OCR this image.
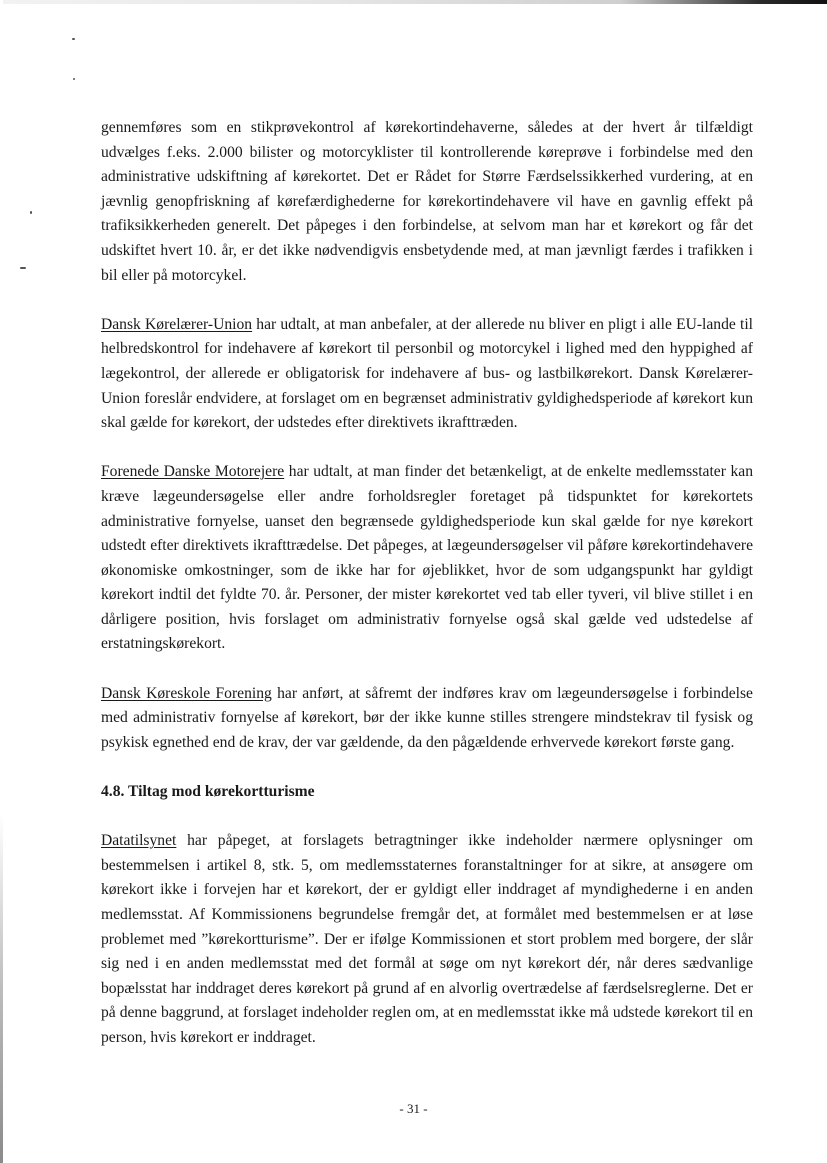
gennemføres som en stikprøvekontrol af kørekortindehaverne, således at der hvert år tilfældigt udvælges f.eks. 2.000 bilister og motorcyklister til kontrollerende køreprøve i forbindelse med den administrative udskiftning af kørekortet. Det er Rådet for Større Færdselssikkerhed vurdering, at en jævnlig genopfriskning af kørefærdighederne for kørekortindehavere vil have en gavnlig effekt på trafiksikkerheden generelt. Det påpeges i den forbindelse, at selvom man har et kørekort og får det udskiftet hvert 10. år, er det ikke nødvendigvis ensbetydende med, at man jævnligt færdes i trafikken i bil eller på motorcykel.

Dansk Kørelærer-Union har udtalt, at man anbefaler, at der allerede nu bliver en pligt i alle EU-lande til helbredskontrol for indehavere af kørekort til personbil og motorcykel i lighed med den hyppighed af lægekontrol, der allerede er obligatorisk for indehavere af bus- og lastbilkørekort. Dansk Kørelærer-Union foreslår endvidere, at forslaget om en begrænset administrativ gyldighedsperiode af kørekort kun skal gælde for kørekort, der udstedes efter direktivets ikrafttræden.

Forenede Danske Motorejere har udtalt, at man finder det betænkeligt, at de enkelte medlemsstater kan kræve lægeundersøgelse eller andre forholdsregler foretaget på tidspunktet for kørekortets administrative fornyelse, uanset den begrænsede gyldighedsperiode kun skal gælde for nye kørekort udstedt efter direktivets ikrafttrædelse. Det påpeges, at lægeundersøgelser vil påføre kørekortindehavere økonomiske omkostninger, som de ikke har for øjeblikket, hvor de som udgangspunkt har gyldigt kørekort indtil det fyldte 70. år. Personer, der mister kørekortet ved tab eller tyveri, vil blive stillet i en dårligere position, hvis forslaget om administrativ fornyelse også skal gælde ved udstedelse af erstatningskørekort.

Dansk Køreskole Forening har anført, at såfremt der indføres krav om lægeundersøgelse i forbindelse med administrativ fornyelse af kørekort, bør der ikke kunne stilles strengere mindstekrav til fysisk og psykisk egnethed end de krav, der var gældende, da den pågældende erhvervede kørekort første gang.

4.8. Tiltag mod kørekortturisme

Datatilsynet har påpeget, at forslagets betragtninger ikke indeholder nærmere oplysninger om bestemmelsen i artikel 8, stk. 5, om medlemsstaternes foranstaltninger for at sikre, at ansøgere om kørekort ikke i forvejen har et kørekort, der er gyldigt eller inddraget af myndighederne i en anden medlemsstat. Af Kommissionens begrundelse fremgår det, at formålet med bestemmelsen er at løse problemet med ”kørekortturisme”. Der er ifølge Kommissionen et stort problem med borgere, der slår sig ned i en anden medlemsstat med det formål at søge om nyt kørekort dér, når deres sædvanlige bopælsstat har inddraget deres kørekort på grund af en alvorlig overtrædelse af færdselsreglerne. Det er på denne baggrund, at forslaget indeholder reglen om, at en medlemsstat ikke må udstede kørekort til en person, hvis kørekort er inddraget.

- 31 -
